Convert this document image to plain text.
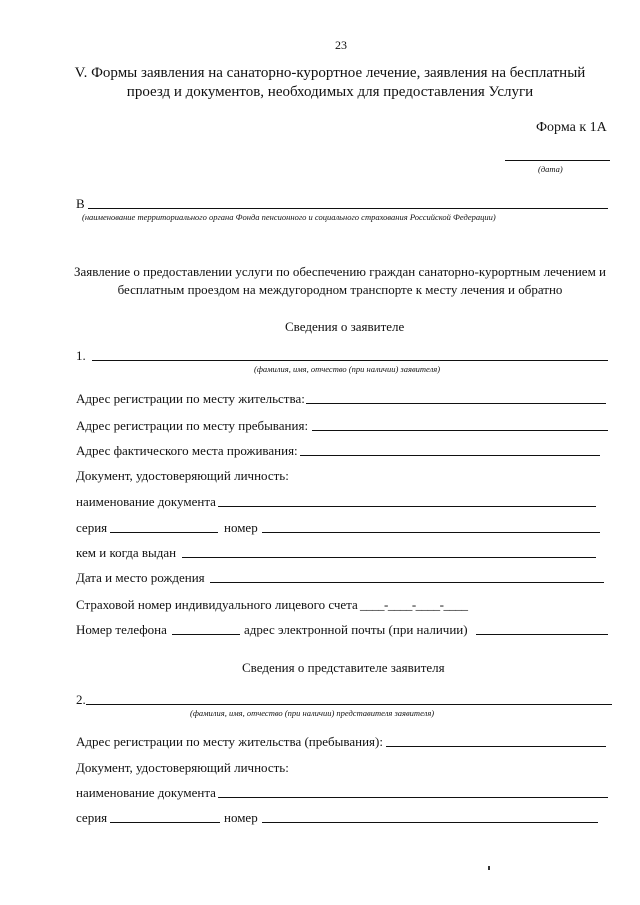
23
V. Формы заявления на санаторно-курортное лечение, заявления на бесплатный
проезд и документов, необходимых для предоставления Услуги
Форма к 1А
(дата)
В
(наименование территориального органа Фонда пенсионного и социального страхования Российской Федерации)
Заявление о предоставлении услуги по обеспечению граждан санаторно-курортным лечением и
бесплатным проездом на междугородном транспорте к месту лечения и обратно
Сведения о заявителе
1.
(фамилия, имя, отчество (при наличии) заявителя)
Адрес регистрации по месту жительства:
Адрес регистрации по месту пребывания:
Адрес фактического места проживания:
Документ, удостоверяющий личность:
наименование документа
серия	номер
кем и когда выдан
Дата и место рождения
Страховой номер индивидуального лицевого счета ____-____-____-____
Номер телефона	адрес электронной почты (при наличии)
Сведения о представителе заявителя
2.
(фамилия, имя, отчество (при наличии) представителя заявителя)
Адрес регистрации по месту жительства (пребывания):
Документ, удостоверяющий личность:
наименование документа
серия	номер
